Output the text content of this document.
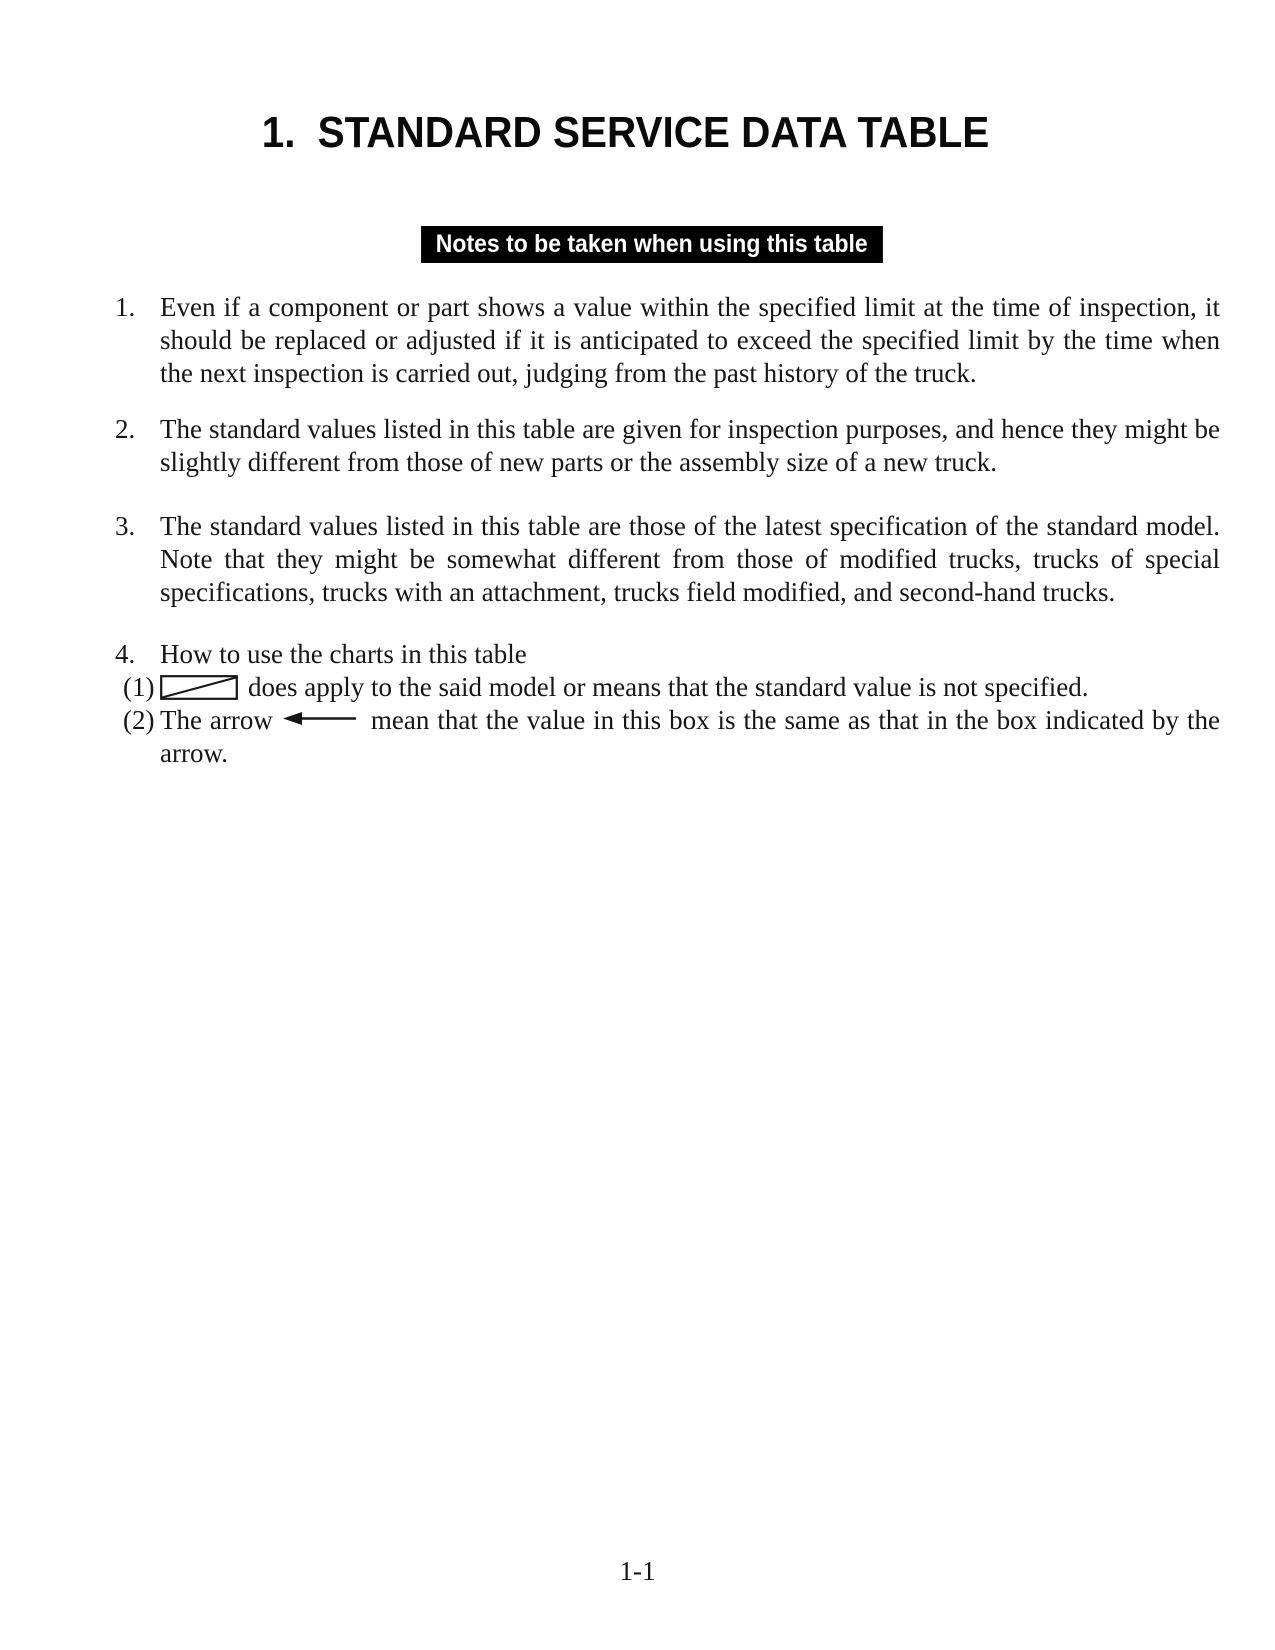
1. STANDARD SERVICE DATA TABLE
Notes to be taken when using this table

1. Even if a component or part shows a value within the specified limit at the time of inspection, it should be replaced or adjusted if it is anticipated to exceed the specified limit by the time when the next inspection is carried out, judging from the past history of the truck.

2. The standard values listed in this table are given for inspection purposes, and hence they might be slightly different from those of new parts or the assembly size of a new truck.

3. The standard values listed in this table are those of the latest specification of the standard model. Note that they might be somewhat different from those of modified trucks, trucks of special specifications, trucks with an attachment, trucks field modified, and second-hand trucks.

4. How to use the charts in this table

(1) ☒ does apply to the said model or means that the standard value is not specified.

(2) The arrow	mean that the value in this box is the same as that in the box indicated by the arrow.

1-1
